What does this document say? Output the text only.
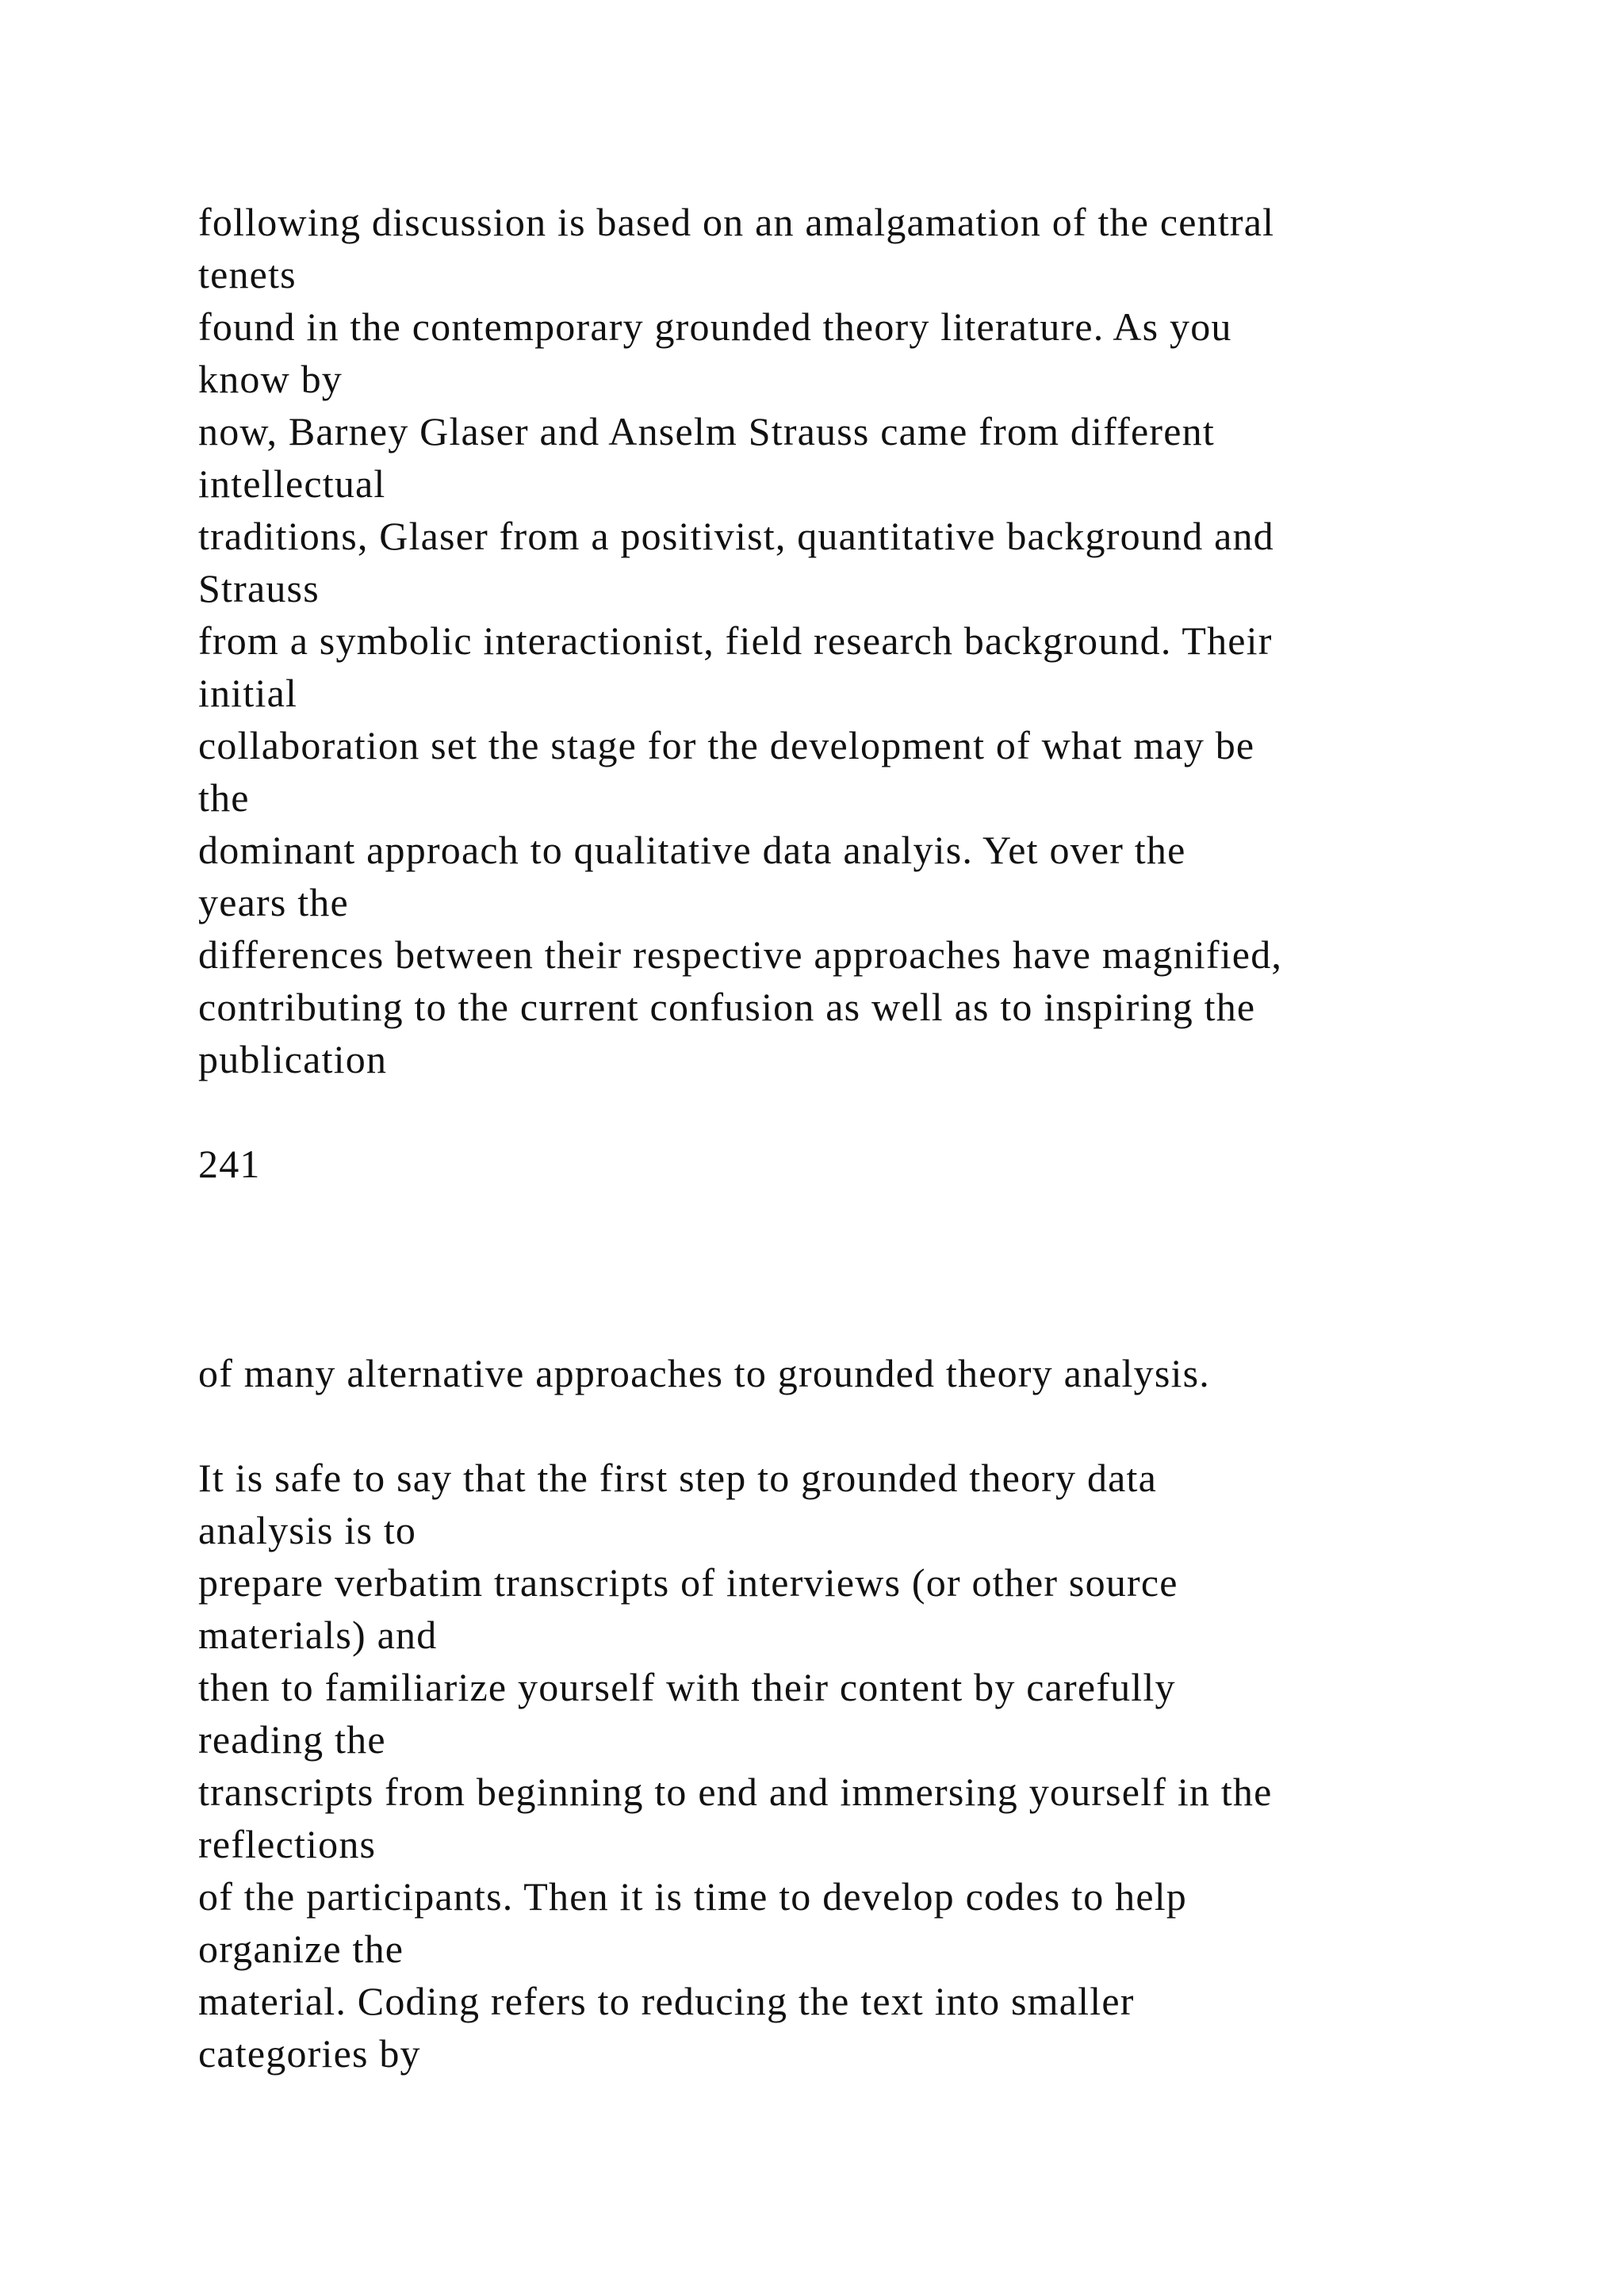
following discussion is based on an amalgamation of the central

tenets

found in the contemporary grounded theory literature. As you

know by

now, Barney Glaser and Anselm Strauss came from different

intellectual

traditions, Glaser from a positivist, quantitative background and

Strauss

from a symbolic interactionist, field research background. Their

initial

collaboration set the stage for the development of what may be

the

dominant approach to qualitative data analyis. Yet over the

years the

differences between their respective approaches have magnified,

contributing to the current confusion as well as to inspiring the

publication

241

of many alternative approaches to grounded theory analysis.

It is safe to say that the first step to grounded theory data

analysis is to

prepare verbatim transcripts of interviews (or other source

materials) and

then to familiarize yourself with their content by carefully

reading the

transcripts from beginning to end and immersing yourself in the

reflections

of the participants. Then it is time to develop codes to help

organize the

material. Coding refers to reducing the text into smaller

categories by
